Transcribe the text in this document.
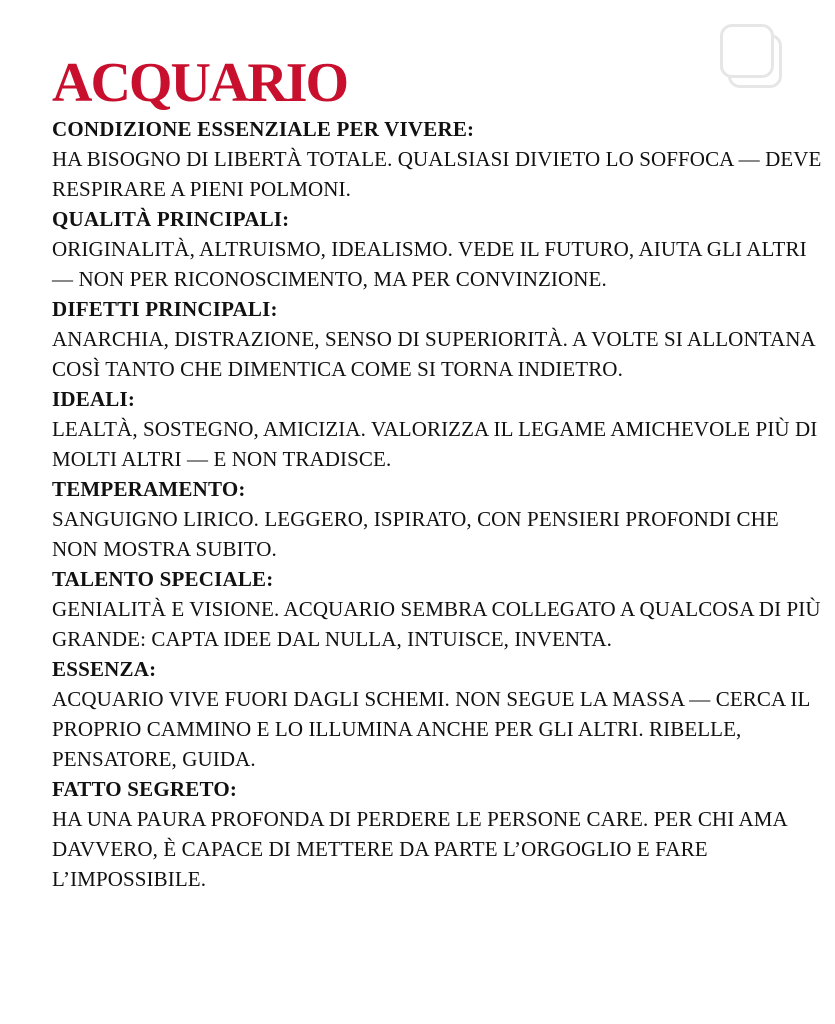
ACQUARIO

CONDIZIONE ESSENZIALE PER VIVERE:

HA BISOGNO DI LIBERTÀ TOTALE. QUALSIASI DIVIETO LO SOFFOCA — DEVE RESPIRARE A PIENI POLMONI.

QUALITÀ PRINCIPALI:

ORIGINALITÀ, ALTRUISMO, IDEALISMO. VEDE IL FUTURO, AIUTA GLI ALTRI — NON PER RICONOSCIMENTO, MA PER CONVINZIONE.

DIFETTI PRINCIPALI:

ANARCHIA, DISTRAZIONE, SENSO DI SUPERIORITÀ. A VOLTE SI ALLONTANA COSÌ TANTO CHE DIMENTICA COME SI TORNA INDIETRO.

IDEALI:

LEALTÀ, SOSTEGNO, AMICIZIA. VALORIZZA IL LEGAME AMICHEVOLE PIÙ DI MOLTI ALTRI — E NON TRADISCE.

TEMPERAMENTO:

SANGUIGNO LIRICO. LEGGERO, ISPIRATO, CON PENSIERI PROFONDI CHE NON MOSTRA SUBITO.

TALENTO SPECIALE:

GENIALITÀ E VISIONE. ACQUARIO SEMBRA COLLEGATO A QUALCOSA DI PIÙ GRANDE: CAPTA IDEE DAL NULLA, INTUISCE, INVENTA.

ESSENZA:

ACQUARIO VIVE FUORI DAGLI SCHEMI. NON SEGUE LA MASSA — CERCA IL PROPRIO CAMMINO E LO ILLUMINA ANCHE PER GLI ALTRI. RIBELLE, PENSATORE, GUIDA.

FATTO SEGRETO:

HA UNA PAURA PROFONDA DI PERDERE LE PERSONE CARE. PER CHI AMA DAVVERO, È CAPACE DI METTERE DA PARTE L’ORGOGLIO E FARE L’IMPOSSIBILE.
